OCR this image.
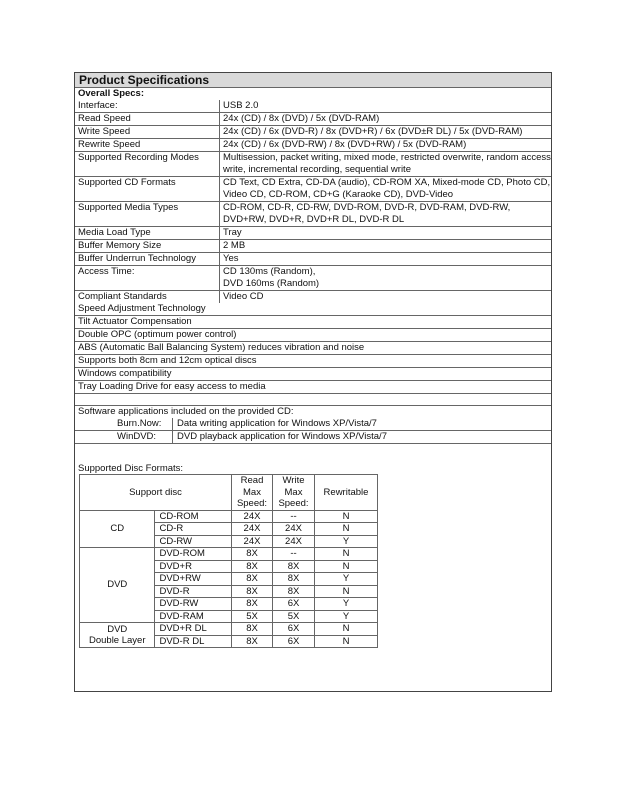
Product Specifications
Overall Specs:
Interface:	USB 2.0
Read Speed	24x (CD) / 8x (DVD) / 5x (DVD-RAM)
Write Speed	24x (CD) / 6x (DVD-R) / 8x (DVD+R) / 6x (DVD±R DL) / 5x (DVD-RAM)
Rewrite Speed	24x (CD) / 6x (DVD-RW) / 8x (DVD+RW) / 5x (DVD-RAM)
Supported Recording Modes	Multisession, packet writing, mixed mode, restricted overwrite, random access write, incremental recording, sequential write
Supported CD Formats	CD Text, CD Extra, CD-DA (audio), CD-ROM XA, Mixed-mode CD, Photo CD, Video CD, CD-ROM, CD+G (Karaoke CD), DVD-Video
Supported Media Types	CD-ROM, CD-R, CD-RW, DVD-ROM, DVD-R, DVD-RAM, DVD-RW, DVD+RW, DVD+R, DVD+R DL, DVD-R DL
Media Load Type	Tray
Buffer Memory Size	2 MB
Buffer Underrun Technology	Yes
Access Time:	CD 130ms (Random),
DVD 160ms (Random)
Compliant Standards	Video CD
Speed Adjustment Technology
Tilt Actuator Compensation
Double OPC (optimum power control)
ABS (Automatic Ball Balancing System) reduces vibration and noise
Supports both 8cm and 12cm optical discs
Windows compatibility
Tray Loading Drive for easy access to media
Software applications included on the provided CD:
Burn.Now:	Data writing application for Windows XP/Vista/7
WinDVD:	DVD playback application for Windows XP/Vista/7
Supported Disc Formats:
Support disc		Read
Max
Speed:	Write
Max
Speed:	Rewritable
CD	CD-ROM	24X	--	N
	CD-R	24X	24X	N
	CD-RW	24X	24X	Y
DVD	DVD-ROM	8X	--	N
	DVD+R	8X	8X	N
	DVD+RW	8X	8X	Y
	DVD-R	8X	8X	N
	DVD-RW	8X	6X	Y
	DVD-RAM	5X	5X	Y
DVD
Double Layer	DVD+R DL	8X	6X	N
	DVD-R DL	8X	6X	N
